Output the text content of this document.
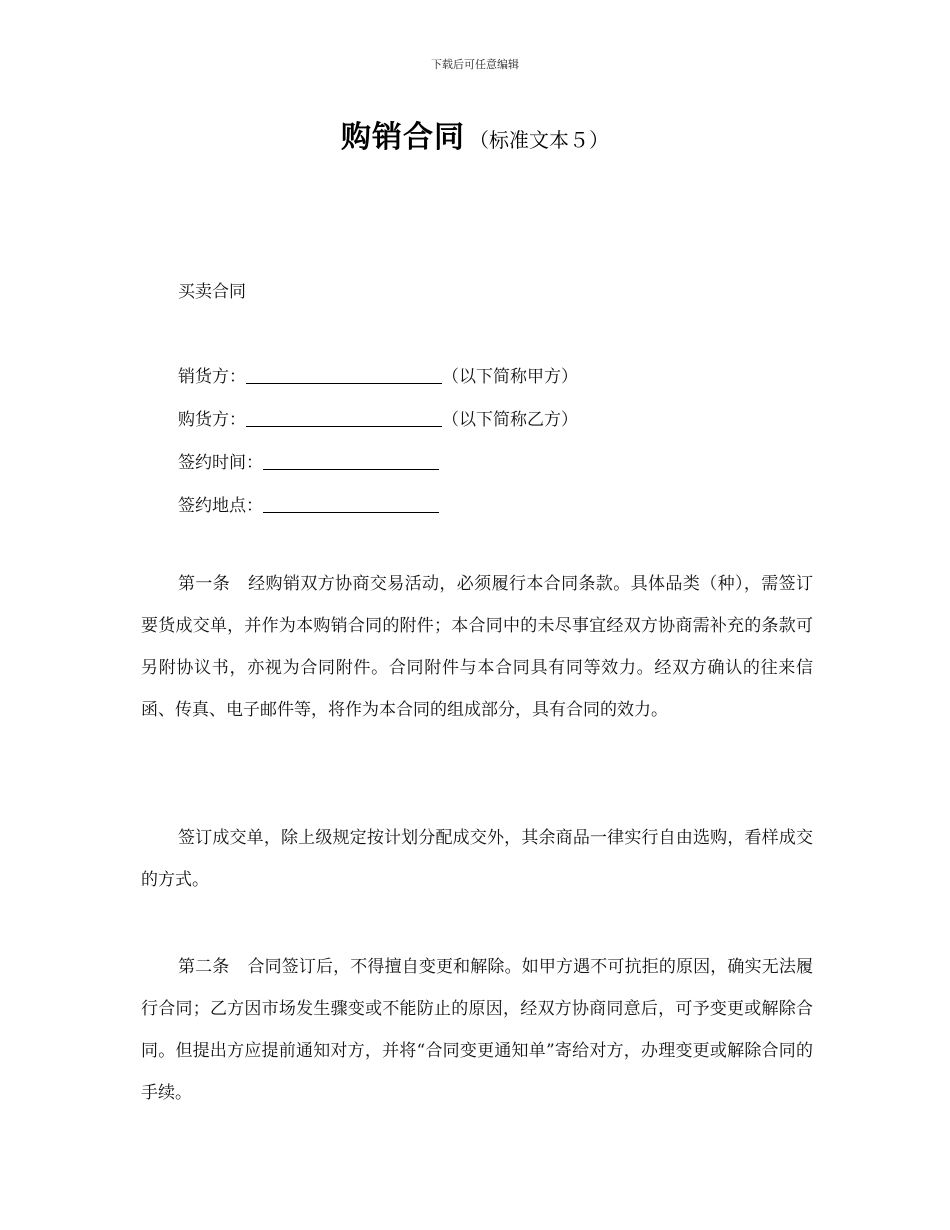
下载后可任意编辑
购销合同 （标准文本５）
买卖合同
销货方：	（以下简称甲方）
购货方：	（以下简称乙方）
签约时间：
签约地点：
第一条 经购销双方协商交易活动，必须履行本合同条款。具体品类（种），需签订要货成交单，并作为本购销合同的附件；本合同中的未尽事宜经双方协商需补充的条款可另附协议书，亦视为合同附件。合同附件与本合同具有同等效力。经双方确认的往来信函、传真、电子邮件等，将作为本合同的组成部分，具有合同的效力。
签订成交单，除上级规定按计划分配成交外，其余商品一律实行自由选购，看样成交的方式。
第二条 合同签订后，不得擅自变更和解除。如甲方遇不可抗拒的原因，确实无法履行合同；乙方因市场发生骤变或不能防止的原因，经双方协商同意后，可予变更或解除合同。但提出方应提前通知对方，并将“合同变更通知单”寄给对方，办理变更或解除合同的手续。
